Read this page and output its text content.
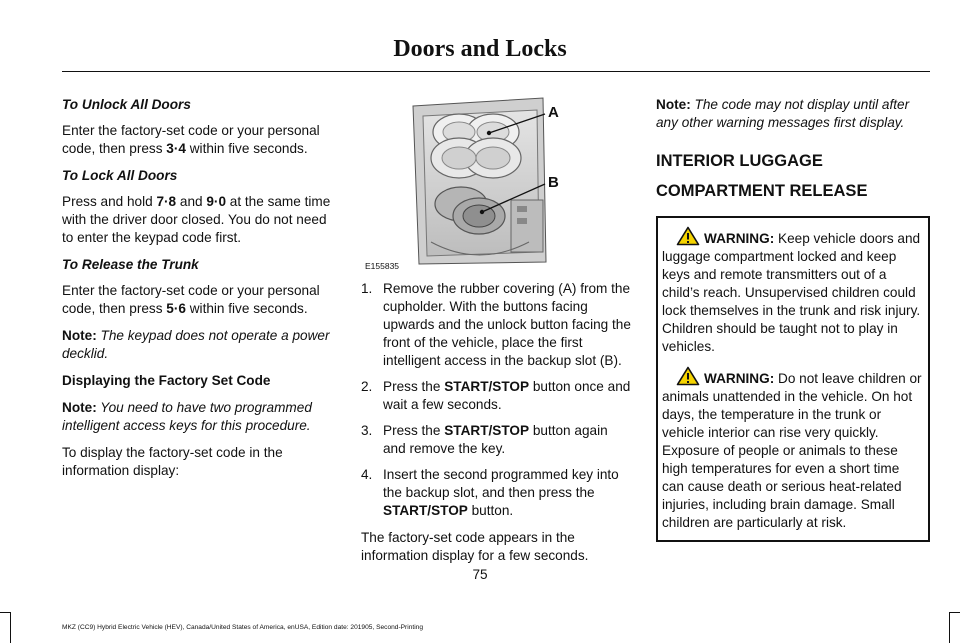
Doors and Locks

To Unlock All Doors

Enter the factory-set code or your personal code, then press 3·4 within five seconds.

To Lock All Doors

Press and hold 7·8 and 9·0 at the same time with the driver door closed. You do not need to enter the keypad code first.

To Release the Trunk

Enter the factory-set code or your personal code, then press 5·6 within five seconds.

Note: The keypad does not operate a power decklid.

Displaying the Factory Set Code

Note: You need to have two programmed intelligent access keys for this procedure.

To display the factory-set code in the information display:

A
B
E155835
1. Remove the rubber covering (A) from the cupholder. With the buttons facing upwards and the unlock button facing the front of the vehicle, place the first intelligent access in the backup slot (B).
2. Press the START/STOP button once and wait a few seconds.
3. Press the START/STOP button again and remove the key.
4. Insert the second programmed key into the backup slot, and then press the START/STOP button.

The factory-set code appears in the information display for a few seconds.

Note: The code may not display until after any other warning messages first display.

INTERIOR LUGGAGE
COMPARTMENT RELEASE

WARNING: Keep vehicle doors and luggage compartment locked and keep keys and remote transmitters out of a child’s reach. Unsupervised children could lock themselves in the trunk and risk injury. Children should be taught not to play in vehicles.

WARNING: Do not leave children or animals unattended in the vehicle. On hot days, the temperature in the trunk or vehicle interior can rise very quickly. Exposure of people or animals to these high temperatures for even a short time can cause death or serious heat-related injuries, including brain damage. Small children are particularly at risk.

75
MKZ (CC9) Hybrid Electric Vehicle (HEV), Canada/United States of America, enUSA, Edition date: 201905, Second-Printing
